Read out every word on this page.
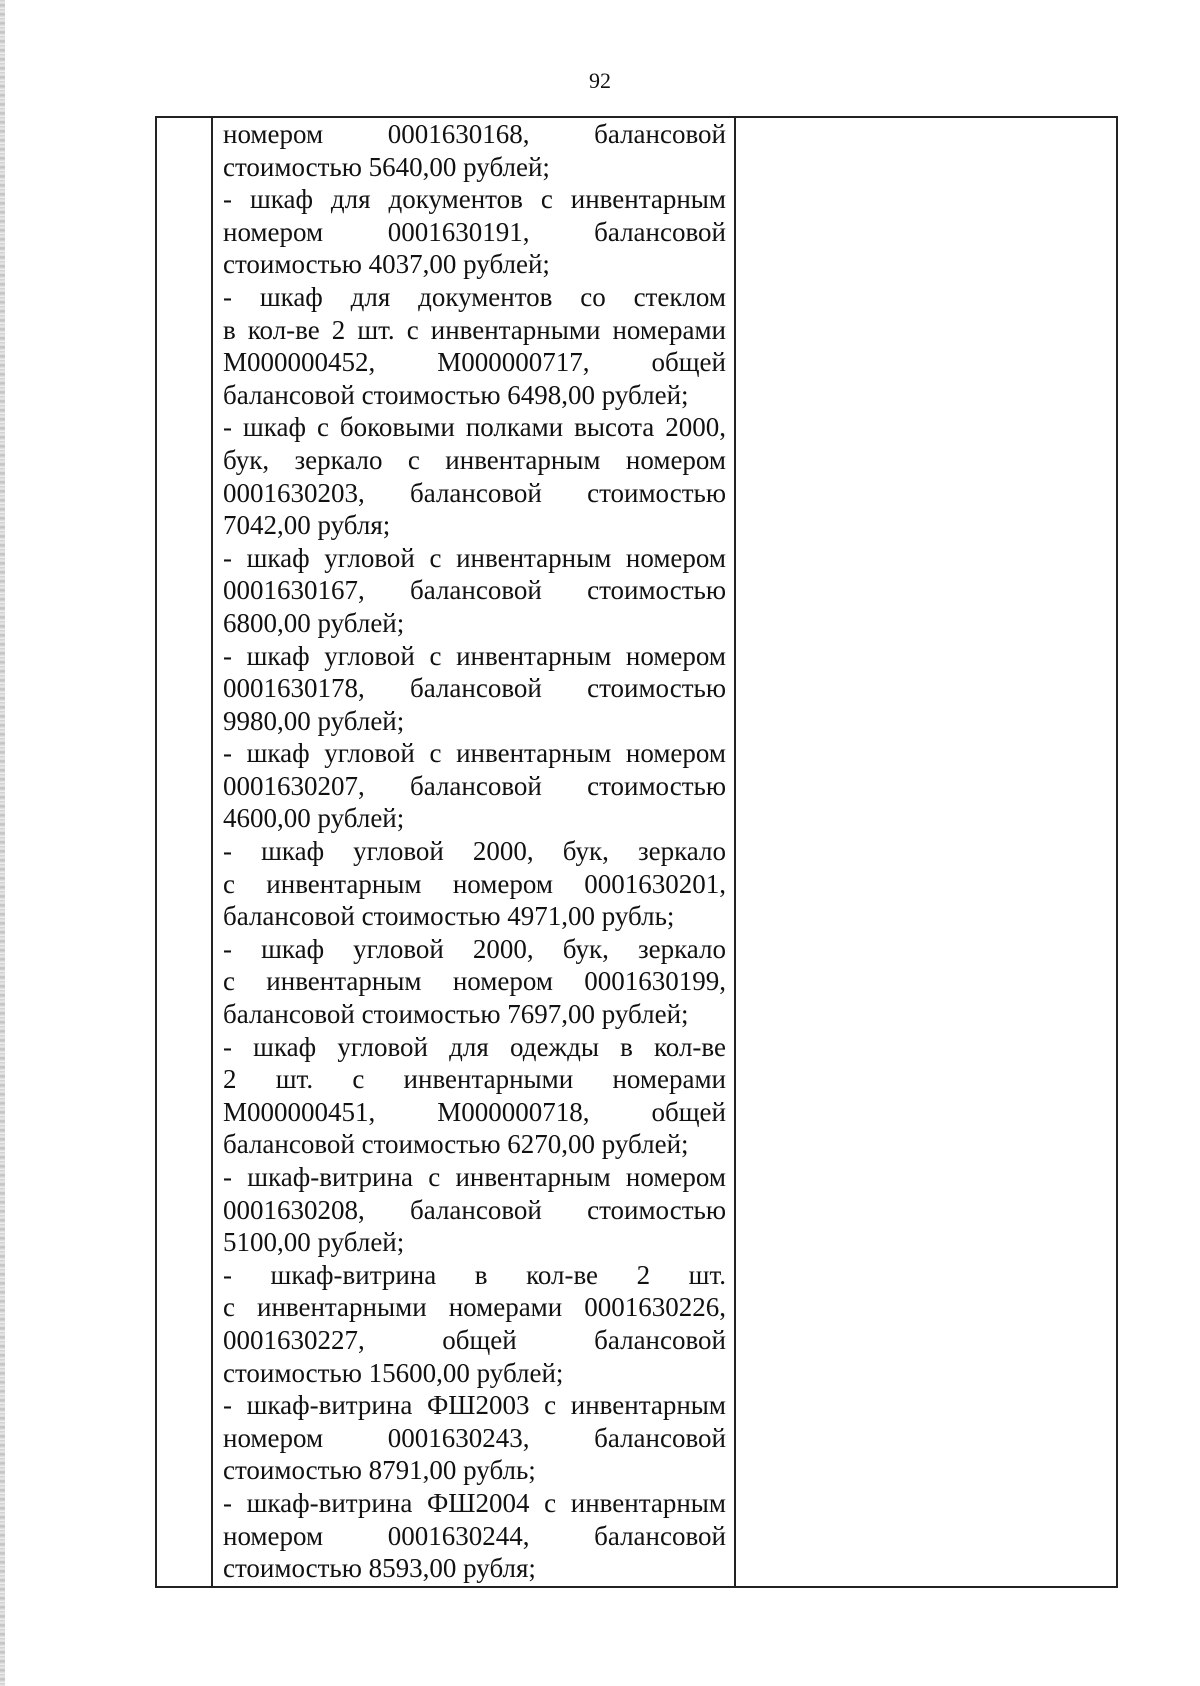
92
номером 0001630168, балансовой
стоимостью 5640,00 рублей;
- шкаф для документов с инвентарным
номером 0001630191, балансовой
стоимостью 4037,00 рублей;
- шкаф для документов со стеклом
в кол-ве 2 шт. с инвентарными номерами
М000000452, М000000717, общей
балансовой стоимостью 6498,00 рублей;
- шкаф с боковыми полками высота 2000,
бук, зеркало с инвентарным номером
0001630203, балансовой стоимостью
7042,00 рубля;
- шкаф угловой с инвентарным номером
0001630167, балансовой стоимостью
6800,00 рублей;
- шкаф угловой с инвентарным номером
0001630178, балансовой стоимостью
9980,00 рублей;
- шкаф угловой с инвентарным номером
0001630207, балансовой стоимостью
4600,00 рублей;
- шкаф угловой 2000, бук, зеркало
с инвентарным номером 0001630201,
балансовой стоимостью 4971,00 рубль;
- шкаф угловой 2000, бук, зеркало
с инвентарным номером 0001630199,
балансовой стоимостью 7697,00 рублей;
- шкаф угловой для одежды в кол-ве
2 шт. с инвентарными номерами
М000000451, М000000718, общей
балансовой стоимостью 6270,00 рублей;
- шкаф-витрина с инвентарным номером
0001630208, балансовой стоимостью
5100,00 рублей;
- шкаф-витрина в кол-ве 2 шт.
с инвентарными номерами 0001630226,
0001630227, общей балансовой
стоимостью 15600,00 рублей;
- шкаф-витрина ФШ2003 с инвентарным
номером 0001630243, балансовой
стоимостью 8791,00 рубль;
- шкаф-витрина ФШ2004 с инвентарным
номером 0001630244, балансовой
стоимостью 8593,00 рубля;
